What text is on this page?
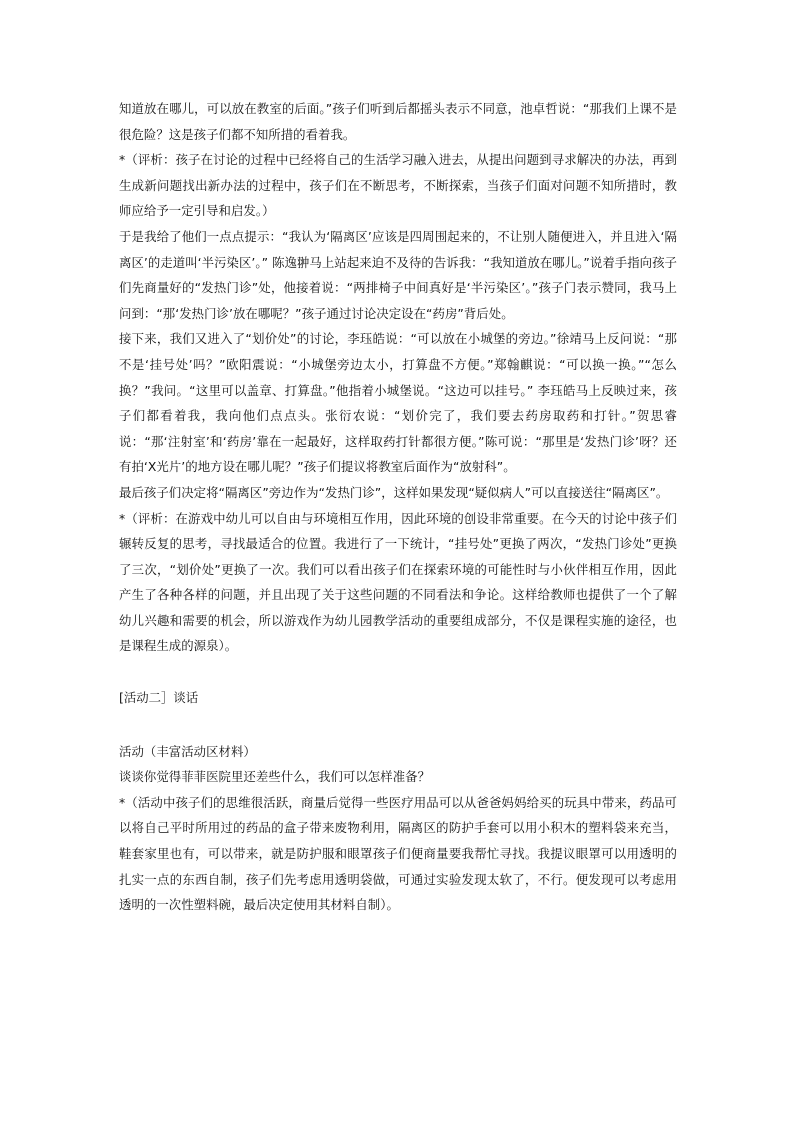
知道放在哪儿，可以放在教室的后面。”孩子们听到后都摇头表示不同意，池卓哲说：“那我们上课不是很危险？这是孩子们都不知所措的看着我。

*（评析：孩子在讨论的过程中已经将自己的生活学习融入进去，从提出问题到寻求解决的办法，再到生成新问题找出新办法的过程中，孩子们在不断思考，不断探索，当孩子们面对问题不知所措时，教师应给予一定引导和启发。）

于是我给了他们一点点提示：“我认为‘隔离区’应该是四周围起来的，不让别人随便进入，并且进入‘隔离区’的走道叫‘半污染区’。” 陈逸翀马上站起来迫不及待的告诉我：“我知道放在哪儿。”说着手指向孩子们先商量好的“发热门诊”处，他接着说：“两排椅子中间真好是‘半污染区’。”孩子门表示赞同，我马上问到：“那‘发热门诊’放在哪呢？”孩子通过讨论决定设在“药房”背后处。

接下来，我们又进入了“划价处”的讨论，李珏皓说：“可以放在小城堡的旁边。”徐靖马上反问说：“那不是‘挂号处’吗？”欧阳震说：“小城堡旁边太小，打算盘不方便。”郑翰麒说：“可以换一换。”“怎么换？”我问。“这里可以盖章、打算盘。”他指着小城堡说。“这边可以挂号。” 李珏皓马上反映过来，孩子们都看着我，我向他们点点头。张衍农说：“划价完了，我们要去药房取药和打针。”贺思睿说：“那‘注射室’和‘药房’靠在一起最好，这样取药打针都很方便。”陈可说：“那里是‘发热门诊’呀？还有拍‘X光片’的地方设在哪儿呢？”孩子们提议将教室后面作为“放射科”。

最后孩子们决定将“隔离区”旁边作为“发热门诊”，这样如果发现“疑似病人”可以直接送往“隔离区”。

*（评析：在游戏中幼儿可以自由与环境相互作用，因此环境的创设非常重要。在今天的讨论中孩子们辗转反复的思考，寻找最适合的位置。我进行了一下统计，“挂号处”更换了两次，“发热门诊处”更换了三次，“划价处”更换了一次。我们可以看出孩子们在探索环境的可能性时与小伙伴相互作用，因此产生了各种各样的问题，并且出现了关于这些问题的不同看法和争论。这样给教师也提供了一个了解幼儿兴趣和需要的机会，所以游戏作为幼儿园教学活动的重要组成部分，不仅是课程实施的途径，也是课程生成的源泉）。

[活动二］谈话

活动（丰富活动区材料）

谈谈你觉得菲菲医院里还差些什么，我们可以怎样准备？

*（活动中孩子们的思维很活跃，商量后觉得一些医疗用品可以从爸爸妈妈给买的玩具中带来，药品可以将自己平时所用过的药品的盒子带来废物利用，隔离区的防护手套可以用小积木的塑料袋来充当，鞋套家里也有，可以带来，就是防护服和眼罩孩子们便商量要我帮忙寻找。我提议眼罩可以用透明的扎实一点的东西自制，孩子们先考虑用透明袋做，可通过实验发现太软了，不行。便发现可以考虑用透明的一次性塑料碗，最后决定使用其材料自制）。
